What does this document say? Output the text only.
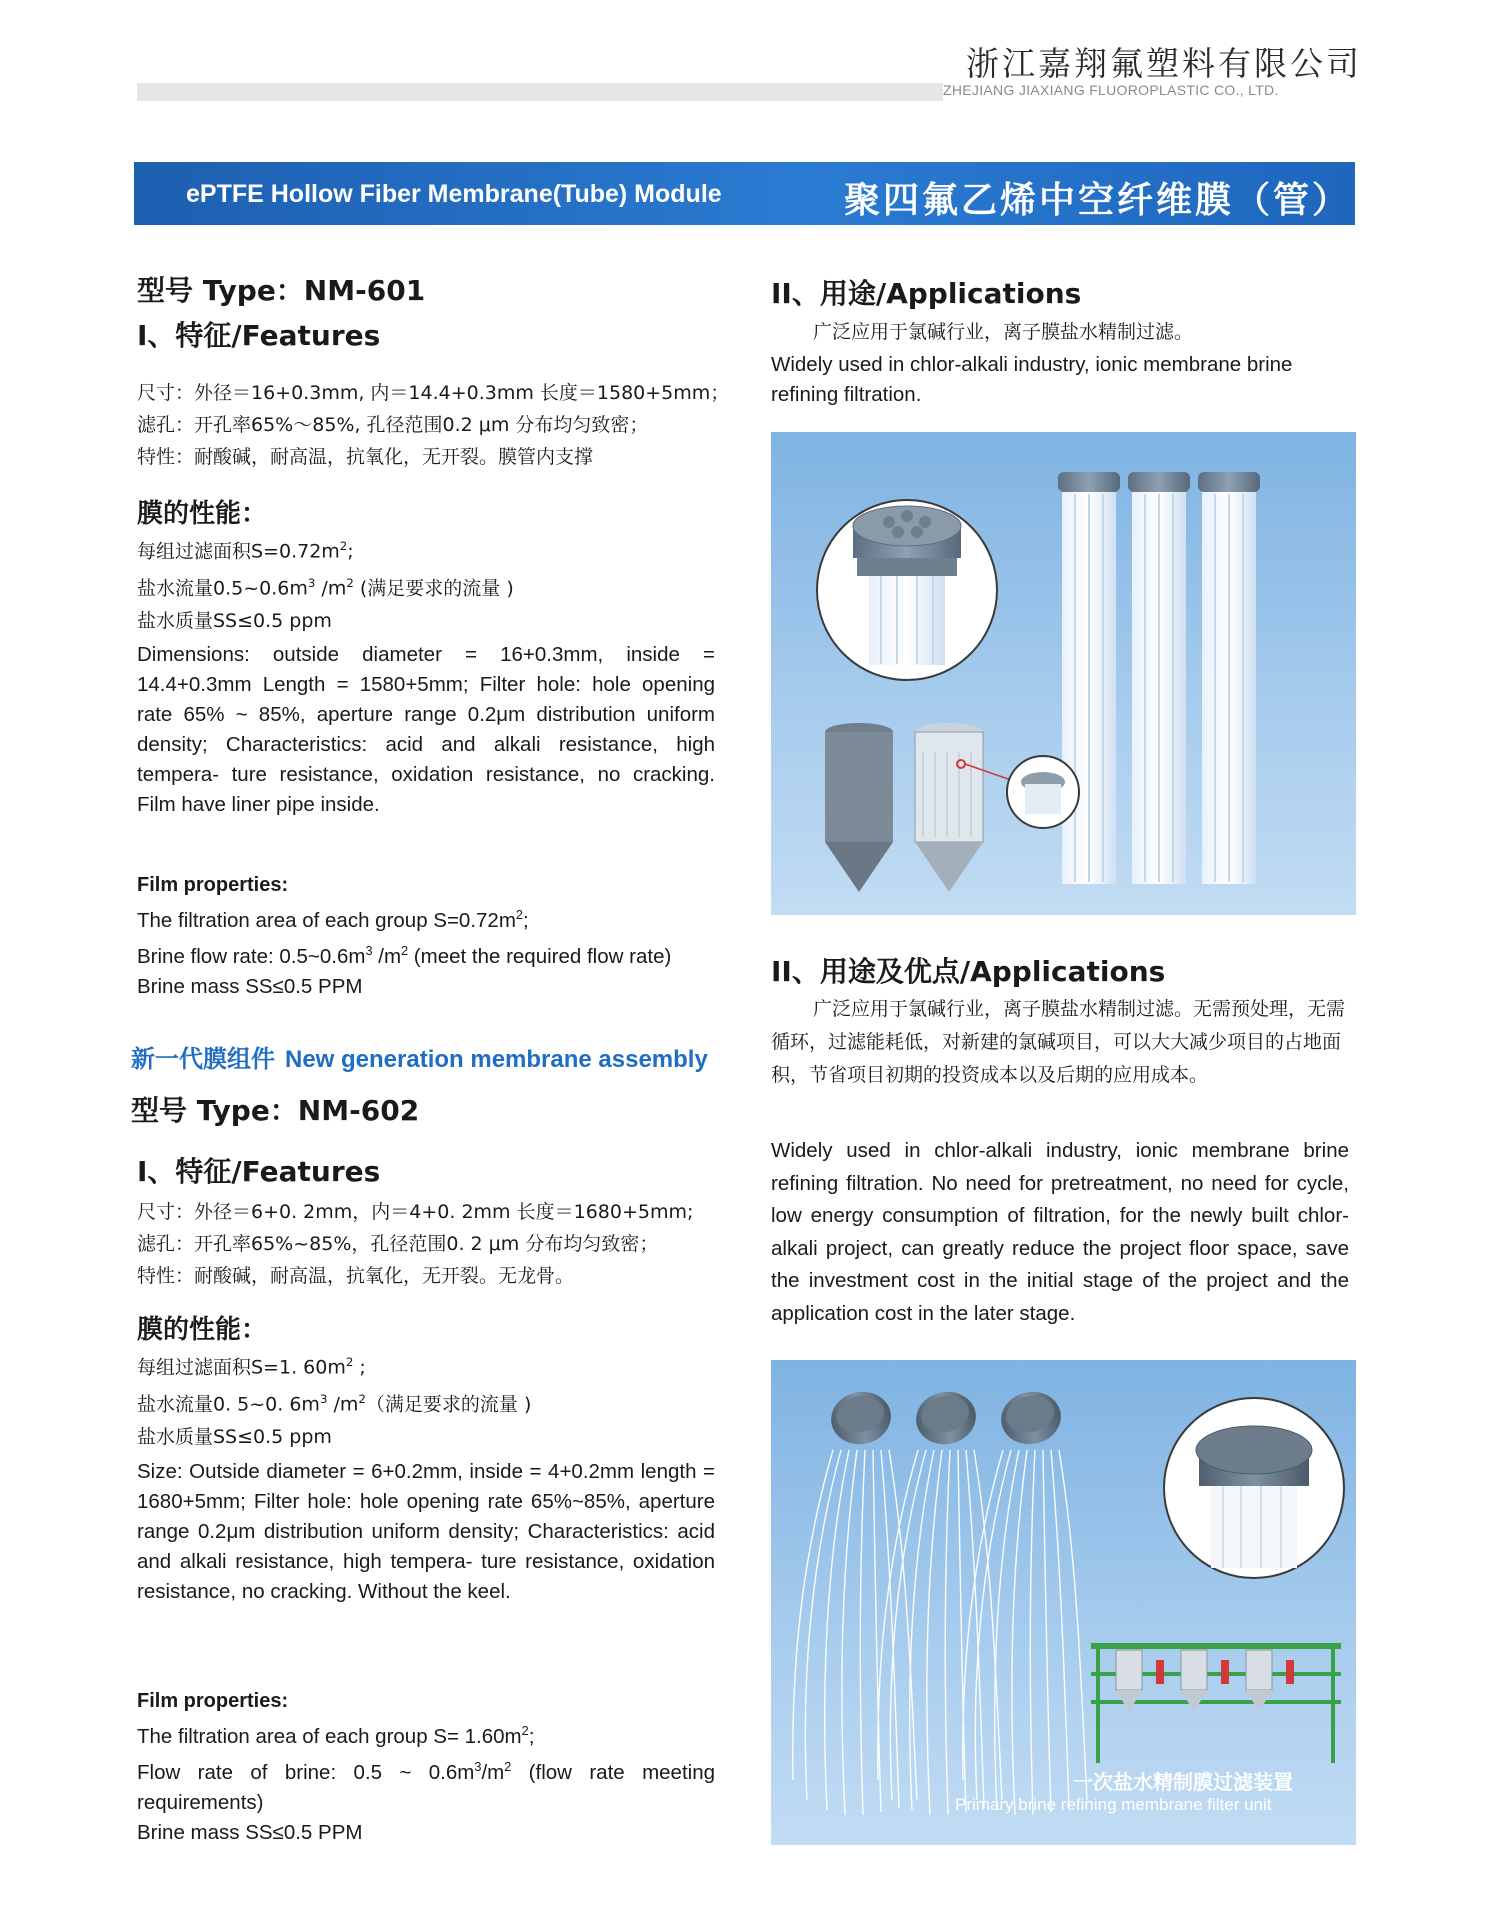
浙江嘉翔氟塑料有限公司
ZHEJIANG JIAXIANG FLUOROPLASTIC CO., LTD.
ePTFE Hollow Fiber Membrane(Tube) Module	聚四氟乙烯中空纤维膜（管）
型号 Type：NM-601
I、特征/Features
尺寸：外径＝16+0.3mm, 内＝14.4+0.3mm 长度＝1580+5mm；
滤孔：开孔率65%～85%, 孔径范围0.2 μm 分布均匀致密；
特性：耐酸碱，耐高温，抗氧化，无开裂。膜管内支撑
膜的性能：
每组过滤面积$S=0.72m^2$;
盐水流量$0.5\sim 0.6m^3$ $/m^2$ (满足要求的流量 )
盐水质量SS≤0.5 ppm
Dimensions: outside diameter = 16+0.3mm, inside = 14.4+0.3mm Length = 1580+5mm; Filter hole: hole opening rate 65% ~ 85%, aperture range 0.2μm distribution uniform density; Characteristics: acid and alkali resistance, high tempera- ture resistance, oxidation resistance, no cracking. Film have liner pipe inside.
Film properties:
The filtration area of each group $S=0.72m^2$;
Brine flow rate: $0.5\sim 0.6m^3$ $/m^2$ (meet the required flow rate)
Brine mass SS≤0.5 PPM
新一代膜组件 New generation membrane assembly
型号 Type：NM-602
I、特征/Features
尺寸：外径＝6+0. 2mm，内＝4+0. 2mm 长度＝1680+5mm;
滤孔：开孔率65%~85%，孔径范围0. 2 μm 分布均匀致密；
特性：耐酸碱，耐高温，抗氧化，无开裂。无龙骨。
膜的性能：
每组过滤面积S=1. $60m^2$ ;
盐水流量0. 5~0. $6m^3$ $/m^2$（满足要求的流量 )
盐水质量SS≤0.5 ppm
Size: Outside diameter = 6+0.2mm, inside = 4+0.2mm length = 1680+5mm; Filter hole: hole opening rate 65%~85%, aperture range 0.2μm distribution uniform density; Characteristics: acid and alkali resistance, high tempera- ture resistance, oxidation resistance, no cracking. Without the keel.
Film properties:
The filtration area of each group $S= 1.60m^2$;
Flow rate of brine: 0.5 ~ $0.6m^3/m^2$ (flow rate meeting requirements)
Brine mass SS≤0.5 PPM
II、用途/Applications
广泛应用于氯碱行业，离子膜盐水精制过滤。
Widely used in chlor-alkali industry, ionic membrane brine refining filtration.
II、用途及优点/Applications
广泛应用于氯碱行业，离子膜盐水精制过滤。无需预处理，无需循环，过滤能耗低，对新建的氯碱项目，可以大大减少项目的占地面积，节省项目初期的投资成本以及后期的应用成本。
Widely used in chlor-alkali industry, ionic membrane brine refining filtration. No need for pretreatment, no need for cycle, low energy consumption of filtration, for the newly built chlor-alkali project, can greatly reduce the project floor space, save the investment cost in the initial stage of the project and the application cost in the later stage.
一次盐水精制膜过滤装置
Primary brine refining membrane filter unit
